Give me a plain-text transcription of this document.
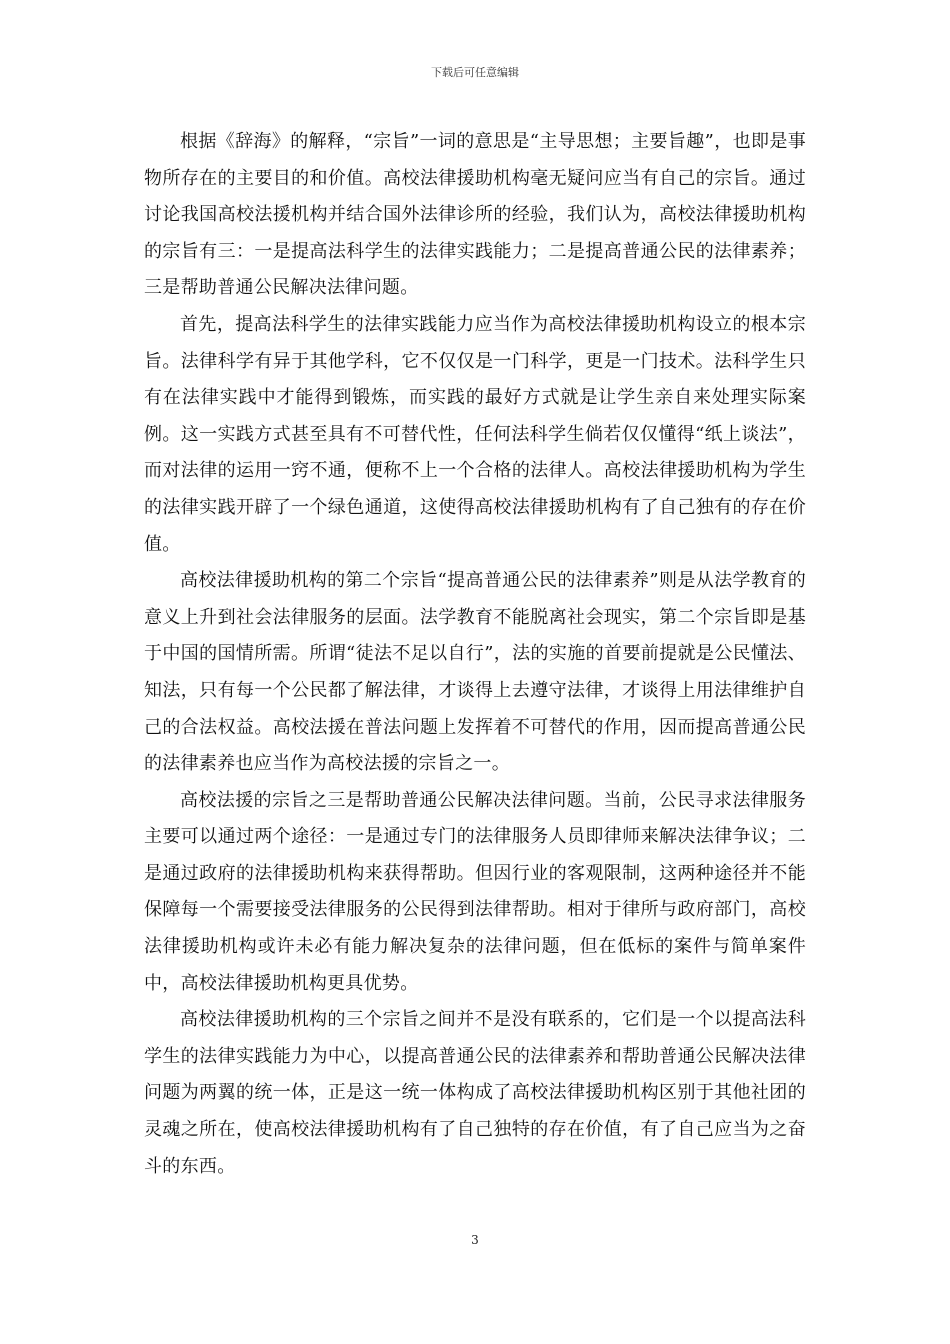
下载后可任意编辑

根据《辞海》的解释，“宗旨”一词的意思是“主导思想；主要旨趣”，也即是事物所存在的主要目的和价值。高校法律援助机构毫无疑问应当有自己的宗旨。通过讨论我国高校法援机构并结合国外法律诊所的经验，我们认为，高校法律援助机构的宗旨有三：一是提高法科学生的法律实践能力；二是提高普通公民的法律素养；三是帮助普通公民解决法律问题。

首先，提高法科学生的法律实践能力应当作为高校法律援助机构设立的根本宗旨。法律科学有异于其他学科，它不仅仅是一门科学，更是一门技术。法科学生只有在法律实践中才能得到锻炼，而实践的最好方式就是让学生亲自来处理实际案例。这一实践方式甚至具有不可替代性，任何法科学生倘若仅仅懂得“纸上谈法”，而对法律的运用一窍不通，便称不上一个合格的法律人。高校法律援助机构为学生的法律实践开辟了一个绿色通道，这使得高校法律援助机构有了自己独有的存在价值。

高校法律援助机构的第二个宗旨“提高普通公民的法律素养”则是从法学教育的意义上升到社会法律服务的层面。法学教育不能脱离社会现实，第二个宗旨即是基于中国的国情所需。所谓“徒法不足以自行”，法的实施的首要前提就是公民懂法、知法，只有每一个公民都了解法律，才谈得上去遵守法律，才谈得上用法律维护自己的合法权益。高校法援在普法问题上发挥着不可替代的作用，因而提高普通公民的法律素养也应当作为高校法援的宗旨之一。

高校法援的宗旨之三是帮助普通公民解决法律问题。当前，公民寻求法律服务主要可以通过两个途径：一是通过专门的法律服务人员即律师来解决法律争议；二是通过政府的法律援助机构来获得帮助。但因行业的客观限制，这两种途径并不能保障每一个需要接受法律服务的公民得到法律帮助。相对于律所与政府部门，高校法律援助机构或许未必有能力解决复杂的法律问题，但在低标的案件与简单案件中，高校法律援助机构更具优势。

高校法律援助机构的三个宗旨之间并不是没有联系的，它们是一个以提高法科学生的法律实践能力为中心，以提高普通公民的法律素养和帮助普通公民解决法律问题为两翼的统一体，正是这一统一体构成了高校法律援助机构区别于其他社团的灵魂之所在，使高校法律援助机构有了自己独特的存在价值，有了自己应当为之奋斗的东西。

3
